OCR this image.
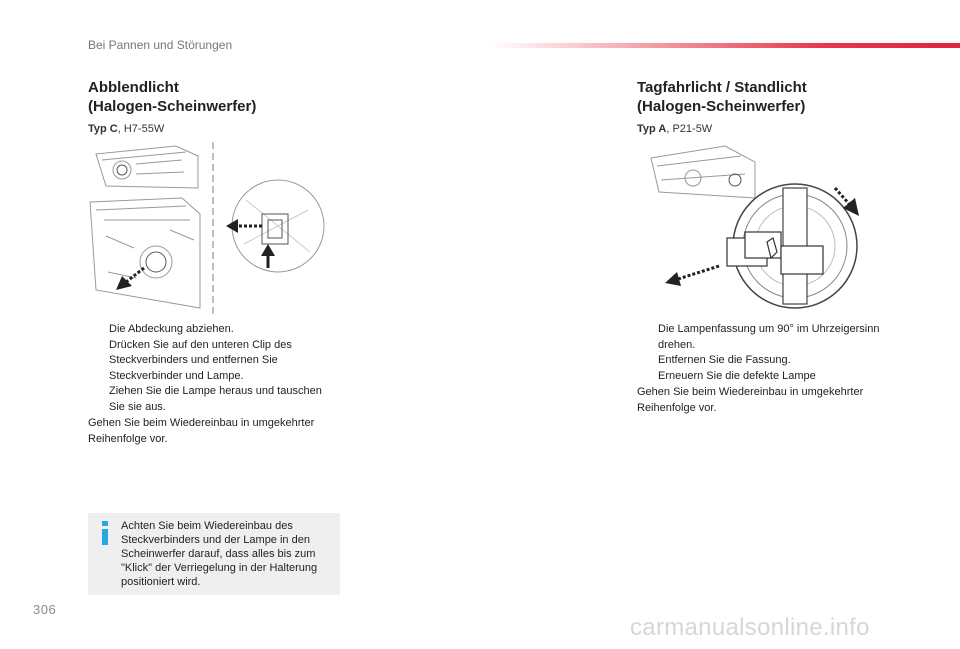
Bei Pannen und Störungen
Abblendlicht
(Halogen-Scheinwerfer)
Typ C, H7-55W
Die Abdeckung abziehen.
Drücken Sie auf den unteren Clip des Steckverbinders und entfernen Sie Steckverbinder und Lampe.
Ziehen Sie die Lampe heraus und tauschen Sie sie aus.
Gehen Sie beim Wiedereinbau in umgekehrter Reihenfolge vor.
Achten Sie beim Wiedereinbau des Steckverbinders und der Lampe in den Scheinwerfer darauf, dass alles bis zum "Klick" der Verriegelung in der Halterung positioniert wird.
Tagfahrlicht / Standlicht
(Halogen-Scheinwerfer)
Typ A, P21-5W
Die Lampenfassung um 90° im Uhrzeigersinn drehen.
Entfernen Sie die Fassung.
Erneuern Sie die defekte Lampe
Gehen Sie beim Wiedereinbau in umgekehrter Reihenfolge vor.
306
carmanualsonline.info
